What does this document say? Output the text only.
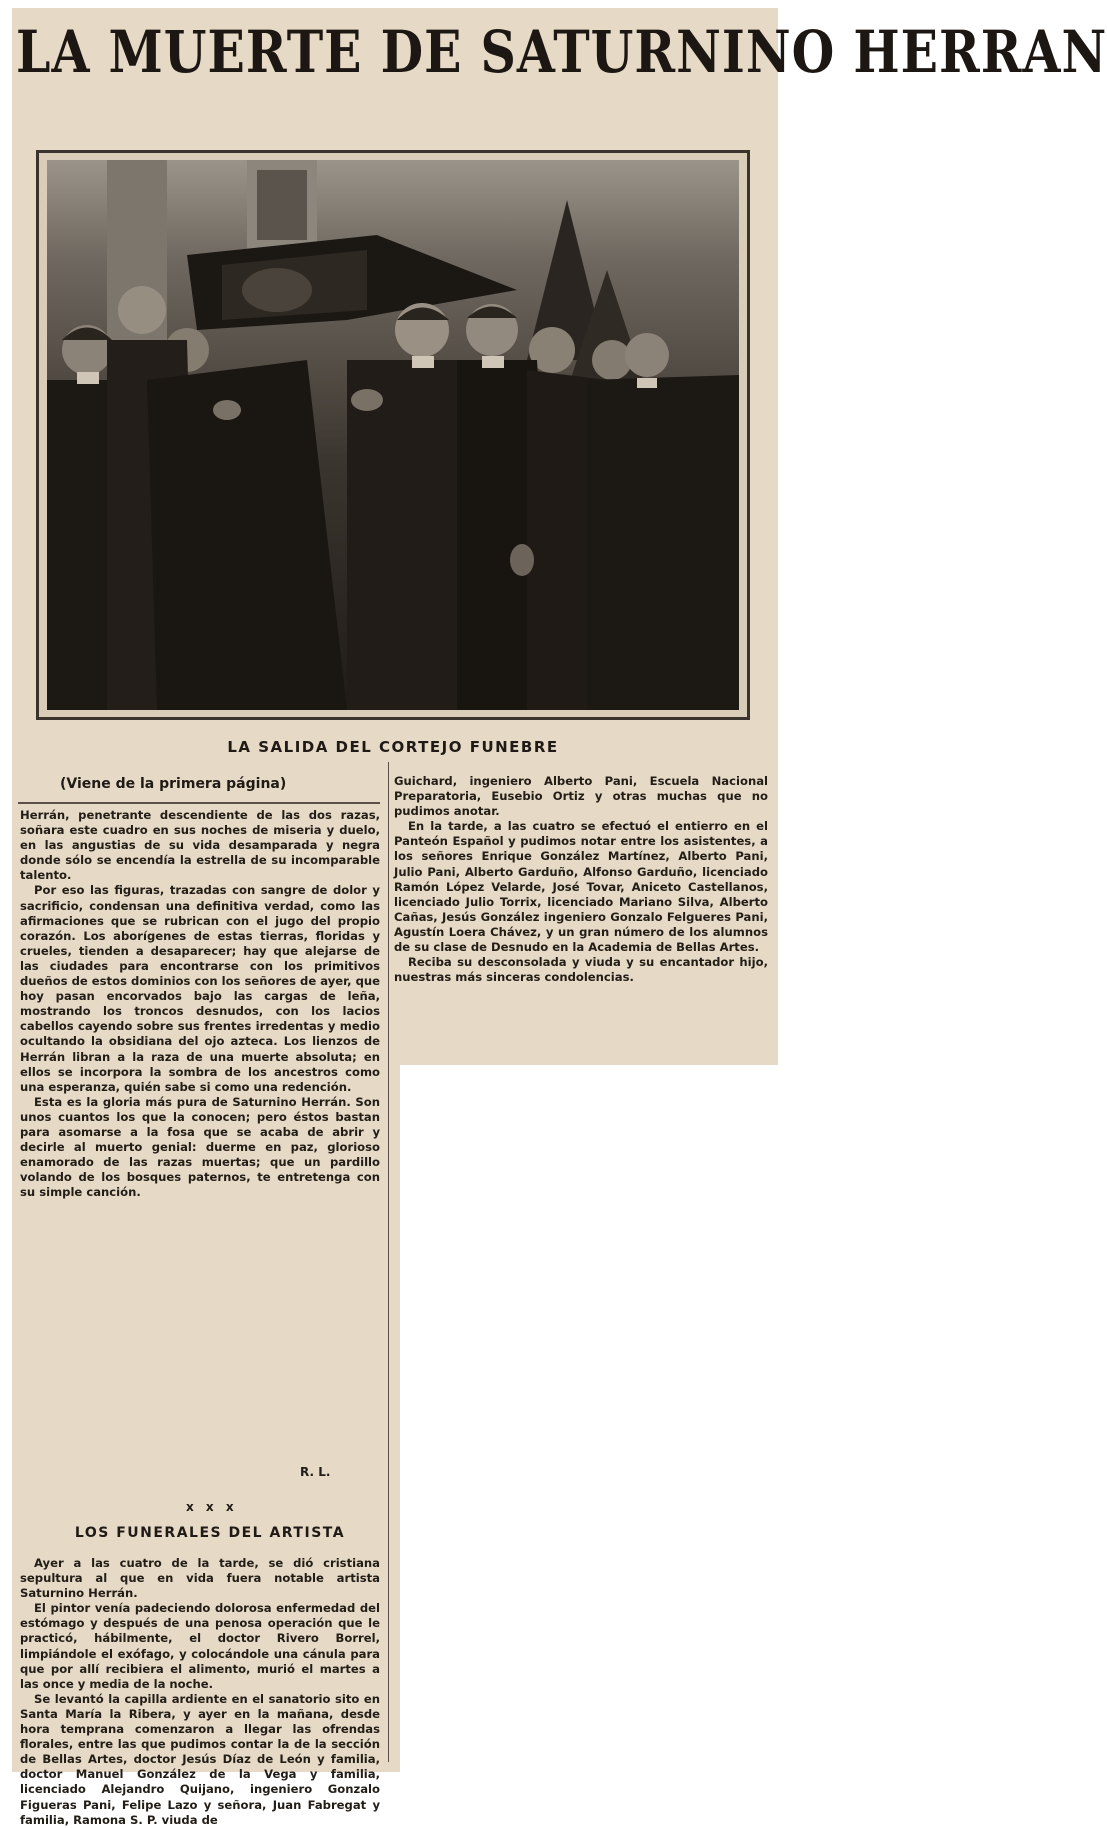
LA MUERTE DE SATURNINO HERRAN
LA SALIDA DEL CORTEJO FUNEBRE
(Viene de la primera página)

Herrán, penetrante descendiente de las dos razas, soñara este cuadro en sus noches de miseria y duelo, en las angustias de su vida desamparada y negra donde sólo se encendía la estrella de su incomparable talento.

Por eso las figuras, trazadas con sangre de dolor y sacrificio, condensan una definitiva verdad, como las afirmaciones que se rubrican con el jugo del propio corazón. Los aborígenes de estas tierras, floridas y crueles, tienden a desaparecer; hay que alejarse de las ciudades para encontrarse con los primitivos dueños de estos dominios con los señores de ayer, que hoy pasan encorvados bajo las cargas de leña, mostrando los troncos desnudos, con los lacios cabellos cayendo sobre sus frentes irredentas y medio ocultando la obsidiana del ojo azteca. Los lienzos de Herrán libran a la raza de una muerte absoluta; en ellos se incorpora la sombra de los ancestros como una esperanza, quién sabe si como una redención.

Esta es la gloria más pura de Saturnino Herrán. Son unos cuantos los que la conocen; pero éstos bastan para asomarse a la fosa que se acaba de abrir y decirle al muerto genial: duerme en paz, glorioso enamorado de las razas muertas; que un pardillo volando de los bosques paternos, te entretenga con su simple canción.

R. L.
x x x
LOS FUNERALES DEL ARTISTA

Ayer a las cuatro de la tarde, se dió cristiana sepultura al que en vida fuera notable artista Saturnino Herrán.

El pintor venía padeciendo dolorosa enfermedad del estómago y después de una penosa operación que le practicó, hábilmente, el doctor Rivero Borrel, limpiándole el exófago, y colocándole una cánula para que por allí recibiera el alimento, murió el martes a las once y media de la noche.

Se levantó la capilla ardiente en el sanatorio sito en Santa María la Ribera, y ayer en la mañana, desde hora temprana comenzaron a llegar las ofrendas florales, entre las que pudimos contar la de la sección de Bellas Artes, doctor Jesús Díaz de León y familia, doctor Manuel González de la Vega y familia, licenciado Alejandro Quijano, ingeniero Gonzalo Figueras Pani, Felipe Lazo y señora, Juan Fabregat y familia, Ramona S. P. viuda de

Guichard, ingeniero Alberto Pani, Escuela Nacional Preparatoria, Eusebio Ortiz y otras muchas que no pudimos anotar.

En la tarde, a las cuatro se efectuó el entierro en el Panteón Español y pudimos notar entre los asistentes, a los señores Enrique González Martínez, Alberto Pani, Julio Pani, Alberto Garduño, Alfonso Garduño, licenciado Ramón López Velarde, José Tovar, Aniceto Castellanos, licenciado Julio Torrix, licenciado Mariano Silva, Alberto Cañas, Jesús González ingeniero Gonzalo Felgueres Pani, Agustín Loera Chávez, y un gran número de los alumnos de su clase de Desnudo en la Academia de Bellas Artes.

Reciba su desconsolada y viuda y su encantador hijo, nuestras más sinceras condolencias.
